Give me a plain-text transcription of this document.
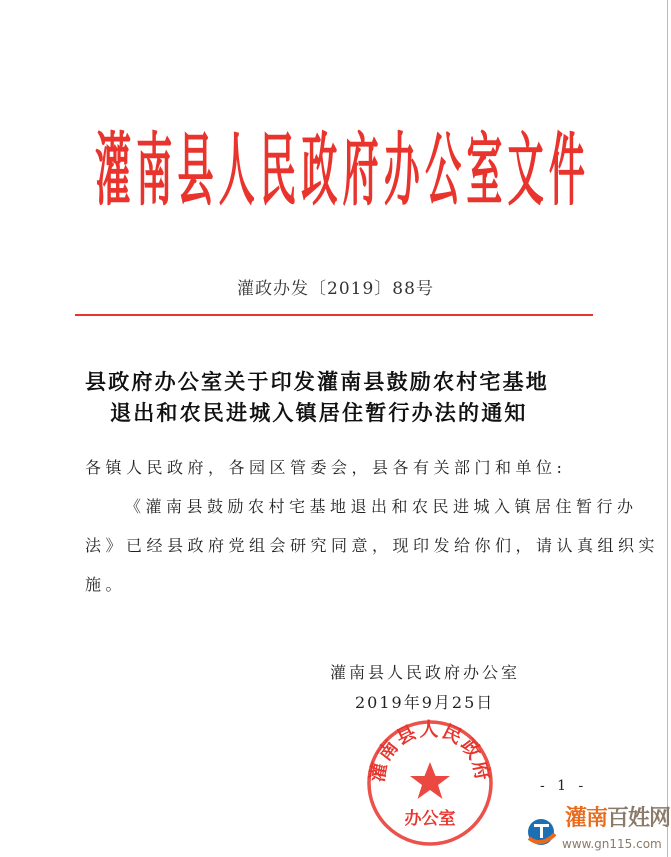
灌 南 县 人 民 政 府 办 公 室 文 件
灌政办发〔2019〕88号
县政府办公室关于印发灌南县鼓励农村宅基地
退出和农民进城入镇居住暂行办法的通知
各镇人民政府，各园区管委会，县各有关部门和单位:
《灌南县鼓励农村宅基地退出和农民进城入镇居住暂行办
法》已经县政府党组会研究同意，现印发给你们，请认真组织实
施。
灌南县人民政府办公室
2019年9月25日
灌南县人民政府
办公室
- 1 -
灌南百姓网
www.gn115.com
